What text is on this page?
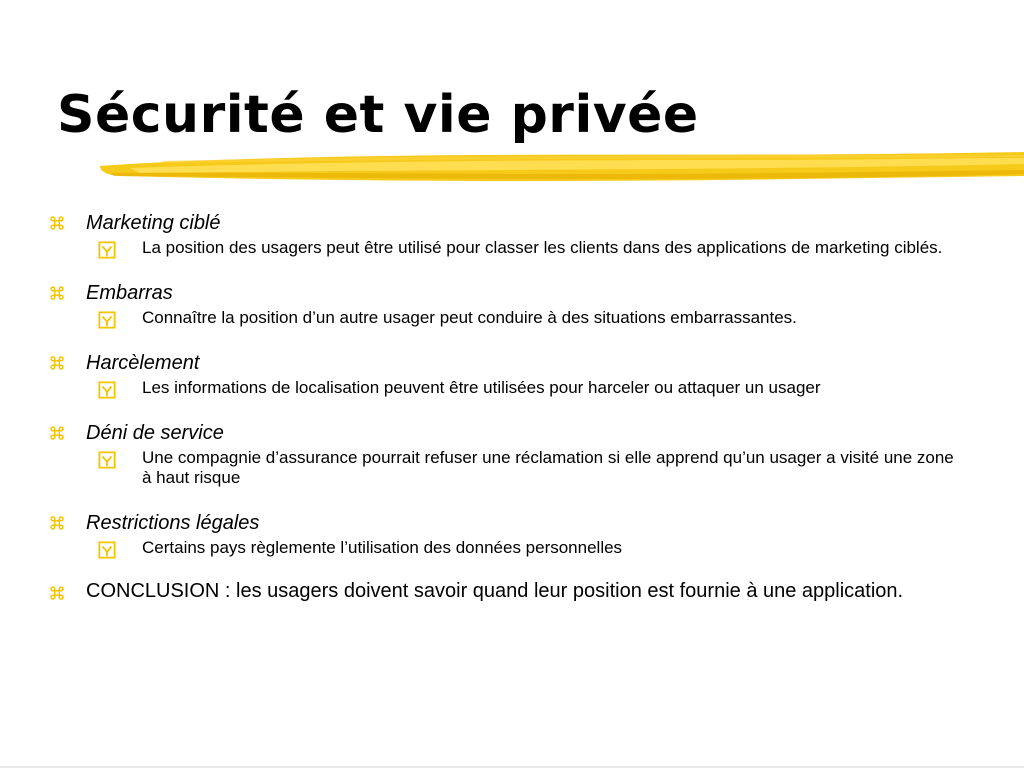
Sécurité et vie privée
Marketing ciblé
La position des usagers peut être utilisé pour classer les clients dans des applications de marketing ciblés.
Embarras
Connaître la position d’un autre usager peut conduire à des situations embarrassantes.
Harcèlement
Les informations de localisation peuvent être utilisées pour harceler ou attaquer un usager
Déni de service
Une compagnie d’assurance pourrait refuser une réclamation si elle apprend qu’un usager a visité une zone à haut risque
Restrictions légales
Certains pays règlemente l’utilisation des données personnelles
CONCLUSION : les usagers doivent savoir quand leur position est fournie à une application.
